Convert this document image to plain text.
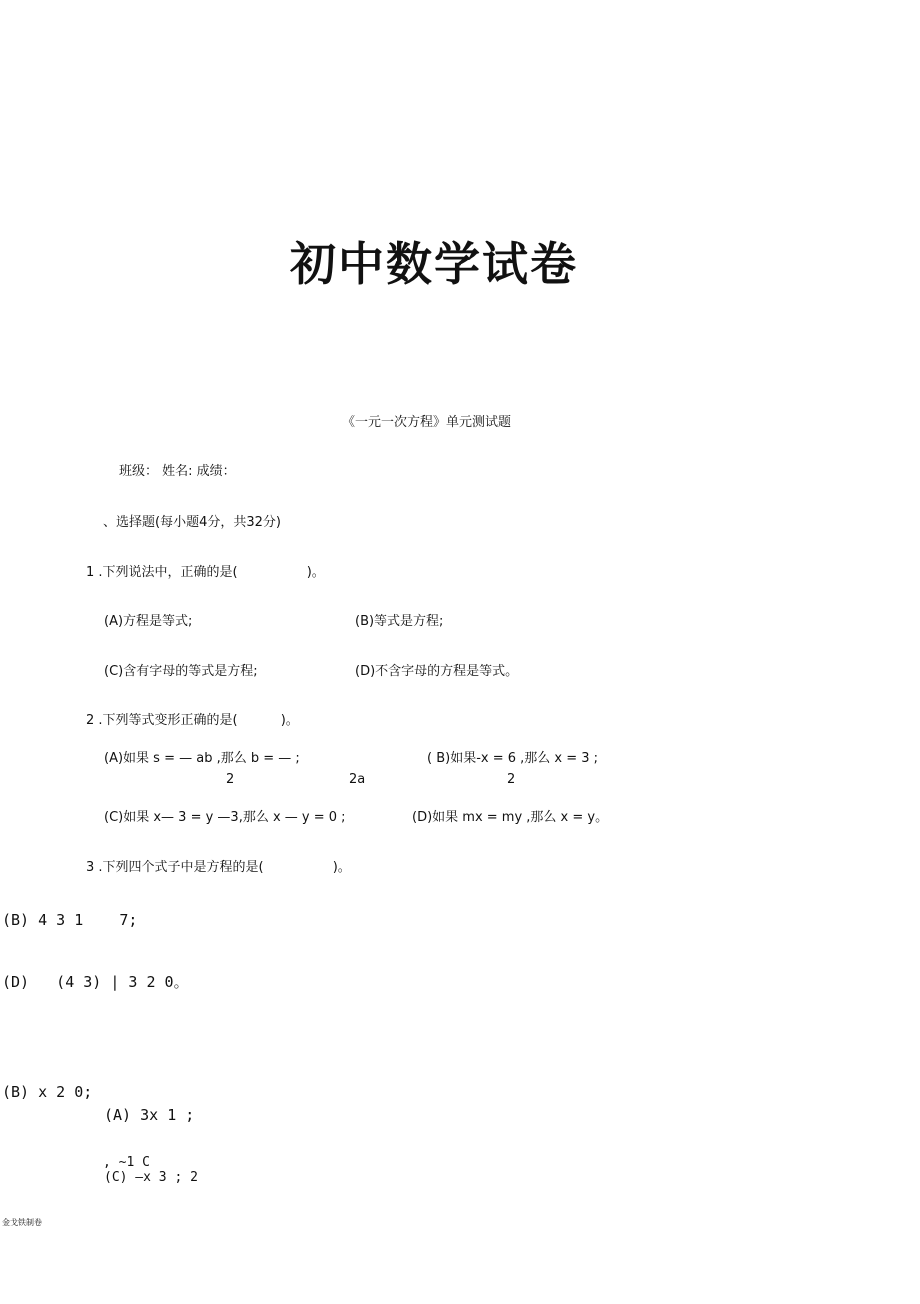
初中数学试卷
《一元一次方程》单元测试题
班级： 姓名: 成绩：
、选择题(每小题4分，共32分)
1 .下列说法中，正确的是(　　　　　 )。
(A)方程是等式;	(B)等式是方程;
(C)含有字母的等式是方程;	(D)不含字母的方程是等式。
2 .下列等式变形正确的是(　　　 )。
(A)如果 s = — ab ,那么 b = — ;	( B)如果-x = 6 ,那么 x = 3 ;
2	2a	2
(C)如果 x— 3 = y —3,那么 x — y = 0 ;	(D)如果 mx = my ,那么 x = y。
3 .下列四个式子中是方程的是(　　　　　 )。
(B) 4 3 1    7;
(D)   (4 3) | 3 2 0。
(B) x 2 0;
(A) 3x 1 ;
, ~1 C
(C) —x 3 ; 2
金戈铁制卷
